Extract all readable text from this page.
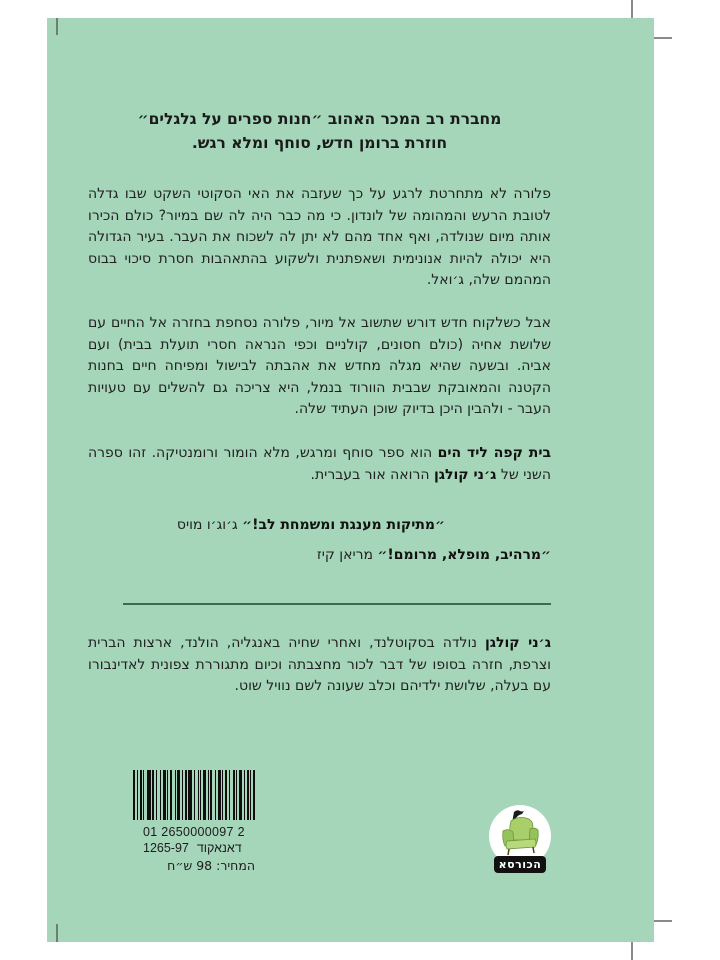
מחברת רב המכר האהוב ״חנות ספרים על גלגלים״
חוזרת ברומן חדש, סוחף ומלא רגש.

פלורה לא מתחרטת לרגע על כך שעזבה את האי הסקוטי השקט שבו גדלה לטובת הרעש והמהומה של לונדון. כי מה כבר היה לה שם במיור? כולם הכירו אותה מיום שנולדה, ואף אחד מהם לא יתן לה לשכוח את העבר. בעיר הגדולה היא יכולה להיות אנונימית ושאפתנית ולשקוע בהתאהבות חסרת סיכוי בבוס המהמם שלה, ג׳ואל.

אבל כשלקוח חדש דורש שתשוב אל מיור, פלורה נסחפת בחזרה אל החיים עם שלושת אחיה (כולם חסונים, קולניים וכפי הנראה חסרי תועלת בבית) ועם אביה. ובשעה שהיא מגלה מחדש את אהבתה לבישול ומפיחה חיים בחנות הקטנה והמאובקת שבבית הוורוד בנמל, היא צריכה גם להשלים עם טעויות העבר - ולהבין היכן בדיוק שוכן העתיד שלה.

בית קפה ליד הים הוא ספר סוחף ומרגש, מלא הומור ורומנטיקה. זהו ספרה השני של ג׳ני קולגן הרואה אור בעברית.

״מתיקות מענגת ומשמחת לב!״ ג׳וג׳ו מויס
״מרהיב, מופלא, מרומם!״ מריאן קיז

ג׳ני קולגן נולדה בסקוטלנד, ואחרי שחיה באנגליה, הולנד, ארצות הברית וצרפת, חזרה בסופו של דבר לכור מחצבתה וכיום מתגוררת צפונית לאדינבורו עם בעלה, שלושת ילדיהם וכלב שעונה לשם נוויל שוט.

01 2650000097 2
1265-97 דאנאקוד
המחיר: 98 ש״ח	הכורסא
